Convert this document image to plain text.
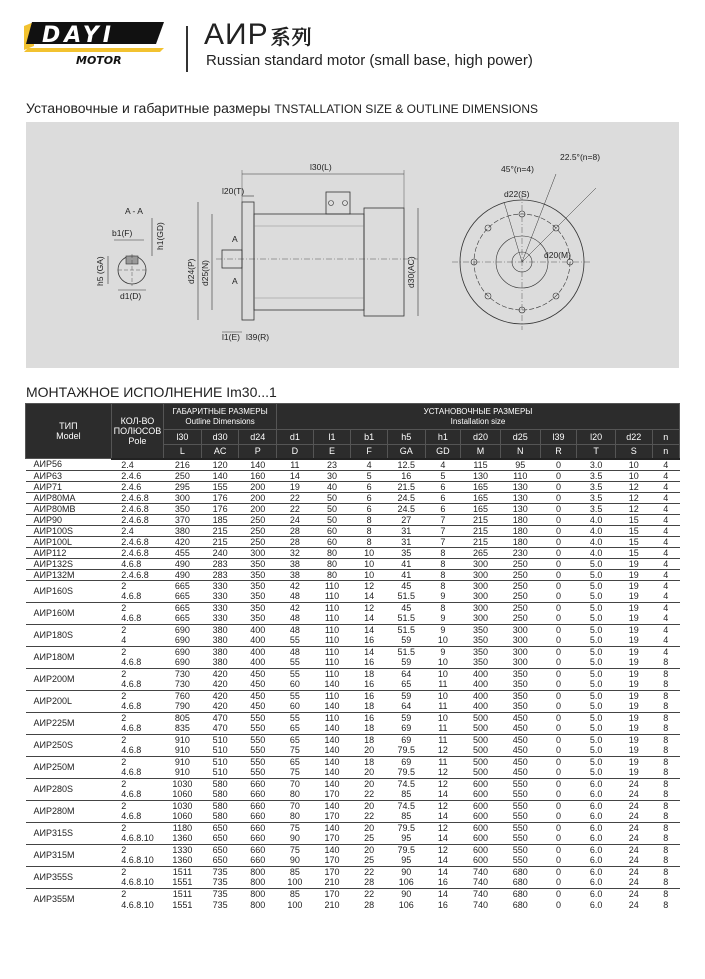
DAYI
MOTOR
АИР 系列
Russian standard motor (small base, high power)
Установочные и габаритные размеры TNSTALLATION SIZE & OUTLINE DIMENSIONS
A - A
b1(F)
d1(D)
h5 (GA)
h1(GD)	A
A
l30(L)
l20(T)
l1(E) l39(R)
d24(P) d25(N)	d30(AC)
45°(n=4)
22.5°(n=8)
d22(S)
d20(M)
МОНТАЖНОЕ ИСПОЛНЕНИЕ Im30...1
ТИП
Model	КОЛ-ВО
ПОЛЮСОВ
Pole	ГАБАРИТНЫЕ РАЗМЕРЫ
Outline Dimensions			УСТАНОВОЧНЫЕ РАЗМЕРЫ
Installation size										
		l30	d30	d24	d1	l1	b1	h5	h1	d20	d25	l39	l20	d22	n
		L	AC	P	D	E	F	GA	GD	M	N	R	T	S	n
АИР56	2.4	216	120	140	11	23	4	12.5	4	115	95	0	3.0	10	4
АИР63	2.4.6	250	140	160	14	30	5	16	5	130	110	0	3.5	10	4
АИР71	2.4.6	295	155	200	19	40	6	21.5	6	165	130	0	3.5	12	4
АИР80МА	2.4.6.8	300	176	200	22	50	6	24.5	6	165	130	0	3.5	12	4
АИР80МВ	2.4.6.8	350	176	200	22	50	6	24.5	6	165	130	0	3.5	12	4
АИР90	2.4.6.8	370	185	250	24	50	8	27	7	215	180	0	4.0	15	4
АИР100S	2.4	380	215	250	28	60	8	31	7	215	180	0	4.0	15	4
АИР100L	2.4.6.8	420	215	250	28	60	8	31	7	215	180	0	4.0	15	4
АИР112	2.4.6.8	455	240	300	32	80	10	35	8	265	230	0	4.0	15	4
АИР132S	4.6.8	490	283	350	38	80	10	41	8	300	250	0	5.0	19	4
АИР132М	2.4.6.8	490	283	350	38	80	10	41	8	300	250	0	5.0	19	4
АИР160S	2	665	330	350	42	110	12	45	8	300	250	0	5.0	19	4
	4.6.8	665	330	350	48	110	14	51.5	9	300	250	0	5.0	19	4
АИР160М	2	665	330	350	42	110	12	45	8	300	250	0	5.0	19	4
	4.6.8	665	330	350	48	110	14	51.5	9	300	250	0	5.0	19	4
АИР180S	2	690	380	400	48	110	14	51.5	9	350	300	0	5.0	19	4
	4	690	380	400	55	110	16	59	10	350	300	0	5.0	19	4
АИР180М	2	690	380	400	48	110	14	51.5	9	350	300	0	5.0	19	4
	4.6.8	690	380	400	55	110	16	59	10	350	300	0	5.0	19	8
АИР200М	2	730	420	450	55	110	18	64	10	400	350	0	5.0	19	8
	4.6.8	730	420	450	60	140	16	65	11	400	350	0	5.0	19	8
АИР200L	2	760	420	450	55	110	16	59	10	400	350	0	5.0	19	8
	4.6.8	790	420	450	60	140	18	64	11	400	350	0	5.0	19	8
АИР225М	2	805	470	550	55	110	16	59	10	500	450	0	5.0	19	8
	4.6.8	835	470	550	65	140	18	69	11	500	450	0	5.0	19	8
АИР250S	2	910	510	550	65	140	18	69	11	500	450	0	5.0	19	8
	4.6.8	910	510	550	75	140	20	79.5	12	500	450	0	5.0	19	8
АИР250М	2	910	510	550	65	140	18	69	11	500	450	0	5.0	19	8
	4.6.8	910	510	550	75	140	20	79.5	12	500	450	0	5.0	19	8
АИР280S	2	1030	580	660	70	140	20	74.5	12	600	550	0	6.0	24	8
	4.6.8	1060	580	660	80	170	22	85	14	600	550	0	6.0	24	8
АИР280М	2	1030	580	660	70	140	20	74.5	12	600	550	0	6.0	24	8
	4.6.8	1060	580	660	80	170	22	85	14	600	550	0	6.0	24	8
АИР315S	2	1180	650	660	75	140	20	79.5	12	600	550	0	6.0	24	8
	4.6.8.10	1360	650	660	90	170	25	95	14	600	550	0	6.0	24	8
АИР315М	2	1330	650	660	75	140	20	79.5	12	600	550	0	6.0	24	8
	4.6.8.10	1360	650	660	90	170	25	95	14	600	550	0	6.0	24	8
АИР355S	2	1511	735	800	85	170	22	90	14	740	680	0	6.0	24	8
	4.6.8.10	1551	735	800	100	210	28	106	16	740	680	0	6.0	24	8
АИР355М	2	1511	735	800	85	170	22	90	14	740	680	0	6.0	24	8
	4.6.8.10	1551	735	800	100	210	28	106	16	740	680	0	6.0	24	8
